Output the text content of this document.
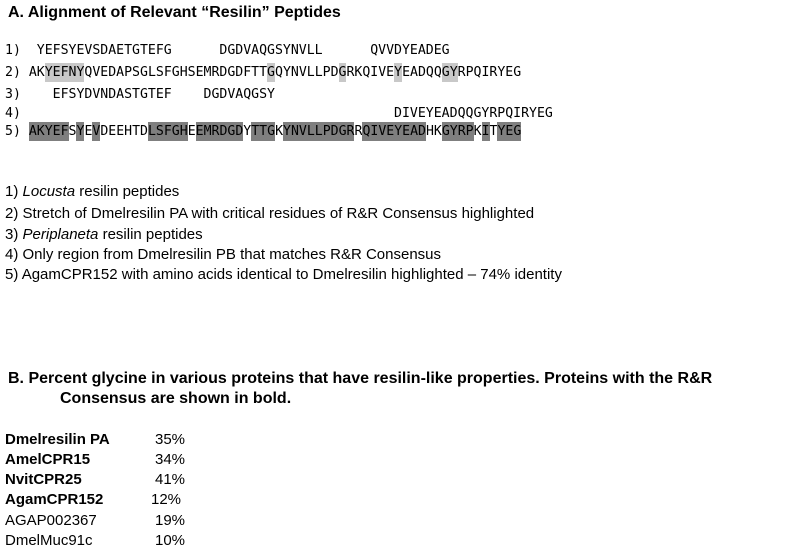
A. Alignment of Relevant “Resilin” Peptides
1)  YEFSYEVSDAETGTEFG      DGDVAQGSYNVLL      QVVDYEADEG
2) AKYEFNYQVEDAPSGLSFGHSEMRDGDFTTGQYNVLLPDGRKQIVEYEADQQGYRPQIRYEG
3)    EFSYDVNDASTGTEF    DGDVAQGSY
4)                                               DIVEYEADQQGYRPQIRYEG
5) AKYEFSYEVDEEHTDLSFGHEEMRDGDYTTGKYNVLLPDGRRQIVEYEADHKGYRPKITYEG
1) Locusta resilin peptides
2) Stretch of Dmelresilin PA with critical residues of R&R Consensus highlighted
3) Periplaneta resilin peptides
4) Only region from Dmelresilin PB that matches R&R Consensus
5) AgamCPR152 with amino acids identical to Dmelresilin highlighted – 74% identity
B. Percent glycine in various proteins that have resilin-like properties. Proteins with the R&R
Consensus are shown in bold.
Dmelresilin PA	35%
AmelCPR15	34%
NvitCPR25	41%
AgamCPR152	12%
AGAP002367	19%
DmelMuc91c	10%
